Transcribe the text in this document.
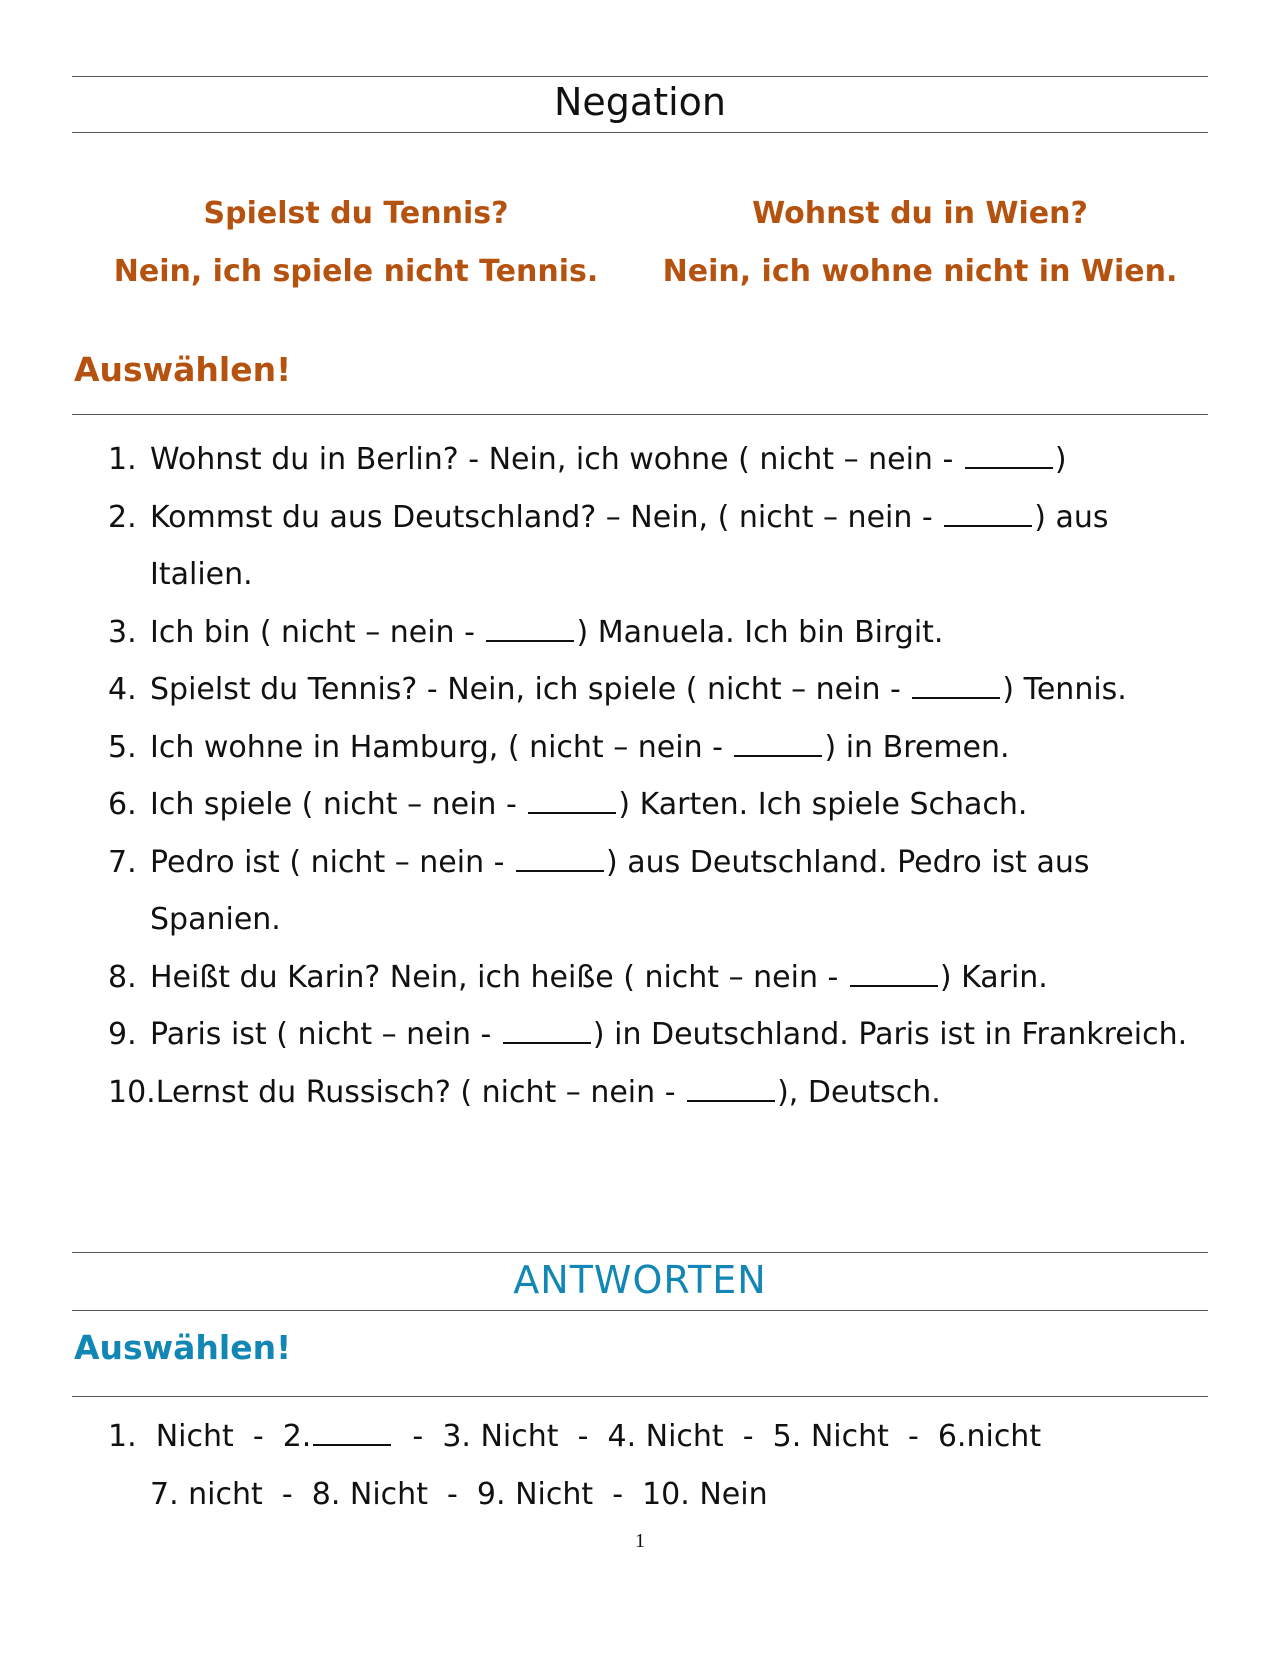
Negation
Spielst du Tennis?
Nein, ich spiele nicht Tennis.
Wohnst du in Wien?
Nein, ich wohne nicht in Wien.
Auswählen!
1. Wohnst du in Berlin? - Nein, ich wohne ( nicht – nein -	)
2. Kommst du aus Deutschland? – Nein, ( nicht – nein -	) aus Italien.
3. Ich bin ( nicht – nein -	) Manuela. Ich bin Birgit.
4. Spielst du Tennis? - Nein, ich spiele ( nicht – nein -	) Tennis.
5. Ich wohne in Hamburg, ( nicht – nein -	) in Bremen.
6. Ich spiele ( nicht – nein -	) Karten. Ich spiele Schach.
7. Pedro ist ( nicht – nein -	) aus Deutschland. Pedro ist aus Spanien.
8. Heißt du Karin? Nein, ich heiße ( nicht – nein -	) Karin.
9. Paris ist ( nicht – nein -	) in Deutschland. Paris ist in Frankreich.
10. Lernst du Russisch? ( nicht – nein -	), Deutsch.
ANTWORTEN
Auswählen!
1.  Nicht  -  2.	-  3. Nicht  -  4. Nicht  -  5. Nicht  -  6.nicht
7. nicht  -  8. Nicht  -  9. Nicht  -  10. Nein
1
